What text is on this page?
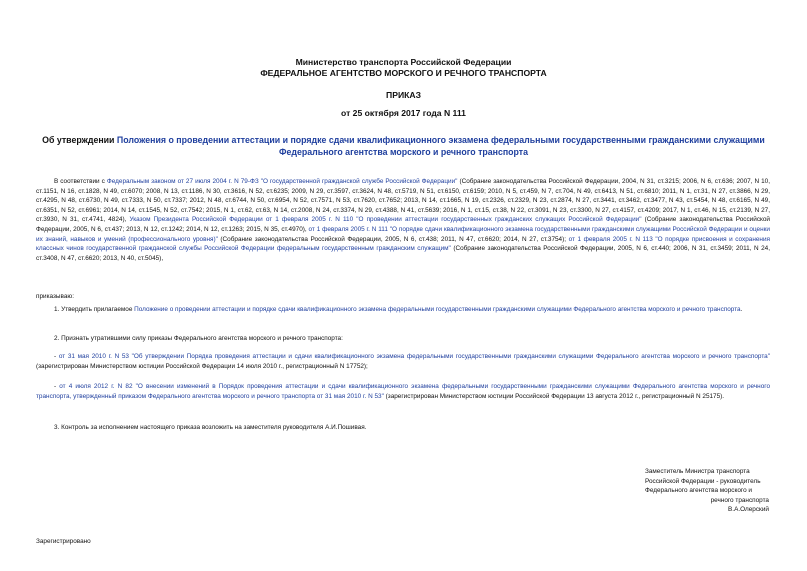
Министерство транспорта Российской Федерации
ФЕДЕРАЛЬНОЕ АГЕНТСТВО МОРСКОГО И РЕЧНОГО ТРАНСПОРТА
ПРИКАЗ
от 25 октября 2017 года N 111
Об утверждении Положения о проведении аттестации и порядке сдачи квалификационного экзамена федеральными государственными гражданскими служащими Федерального агентства морского и речного транспорта
В соответствии с Федеральным законом от 27 июля 2004 г. N 79-ФЗ "О государственной гражданской службе Российской Федерации" (Собрание законодательства Российской Федерации, 2004, N 31, ст.3215; 2006, N 6, ст.636; 2007, N 10, ст.1151, N 16, ст.1828, N 49, ст.6070; 2008, N 13, ст.1186, N 30, ст.3616, N 52, ст.6235; 2009, N 29, ст.3597, ст.3624, N 48, ст.5719, N 51, ст.6150, ст.6159; 2010, N 5, ст.459, N 7, ст.704, N 49, ст.6413, N 51, ст.6810; 2011, N 1, ст.31, N 27, ст.3866, N 29, ст.4295, N 48, ст.6730, N 49, ст.7333, N 50, ст.7337; 2012, N 48, ст.6744, N 50, ст.6954, N 52, ст.7571, N 53, ст.7620, ст.7652; 2013, N 14, ст.1665, N 19, ст.2326, ст.2329, N 23, ст.2874, N 27, ст.3441, ст.3462, ст.3477, N 43, ст.5454, N 48, ст.6165, N 49, ст.6351, N 52, ст.6961; 2014, N 14, ст.1545, N 52, ст.7542; 2015, N 1, ст.62, ст.63, N 14, ст.2008, N 24, ст.3374, N 29, ст.4388, N 41, ст.5639; 2016, N 1, ст.15, ст.38, N 22, ст.3091, N 23, ст.3300, N 27, ст.4157, ст.4209; 2017, N 1, ст.46, N 15, ст.2139, N 27, ст.3930, N 31, ст.4741, 4824), Указом Президента Российской Федерации от 1 февраля 2005 г. N 110 "О проведении аттестации государственных гражданских служащих Российской Федерации" (Собрание законодательства Российской Федерации, 2005, N 6, ст.437; 2013, N 12, ст.1242; 2014, N 12, ст.1263; 2015, N 35, ст.4970), от 1 февраля 2005 г. N 111 "О порядке сдачи квалификационного экзамена государственными гражданскими служащими Российской Федерации и оценки их знаний, навыков и умений (профессионального уровня)" (Собрание законодательства Российской Федерации, 2005, N 6, ст.438; 2011, N 47, ст.6620; 2014, N 27, ст.3754); от 1 февраля 2005 г. N 113 "О порядке присвоения и сохранения классных чинов государственной гражданской службы Российской Федерации федеральным государственным гражданским служащим" (Собрание законодательства Российской Федерации, 2005, N 6, ст.440; 2006, N 31, ст.3459; 2011, N 24, ст.3408, N 47, ст.6620; 2013, N 40, ст.5045),
приказываю:
1. Утвердить прилагаемое Положение о проведении аттестации и порядке сдачи квалификационного экзамена федеральными государственными гражданскими служащими Федерального агентства морского и речного транспорта.
2. Признать утратившими силу приказы Федерального агентства морского и речного транспорта:
- от 31 мая 2010 г. N 53 "Об утверждении Порядка проведения аттестации и сдачи квалификационного экзамена федеральными государственными гражданскими служащими Федерального агентства морского и речного транспорта" (зарегистрирован Министерством юстиции Российской Федерации 14 июля 2010 г., регистрационный N 17752);
- от 4 июля 2012 г. N 82 "О внесении изменений в Порядок проведения аттестации и сдачи квалификационного экзамена федеральными государственными гражданскими служащими Федерального агентства морского и речного транспорта, утвержденный приказом Федерального агентства морского и речного транспорта от 31 мая 2010 г. N 53" (зарегистрирован Министерством юстиции Российской Федерации 13 августа 2012 г., регистрационный N 25175).
3. Контроль за исполнением настоящего приказа возложить на заместителя руководителя А.И.Пошивая.
Заместитель Министра транспорта
Российской Федерации - руководитель
Федерального агентства морского и
речного транспорта
В.А.Олерский
Зарегистрировано
